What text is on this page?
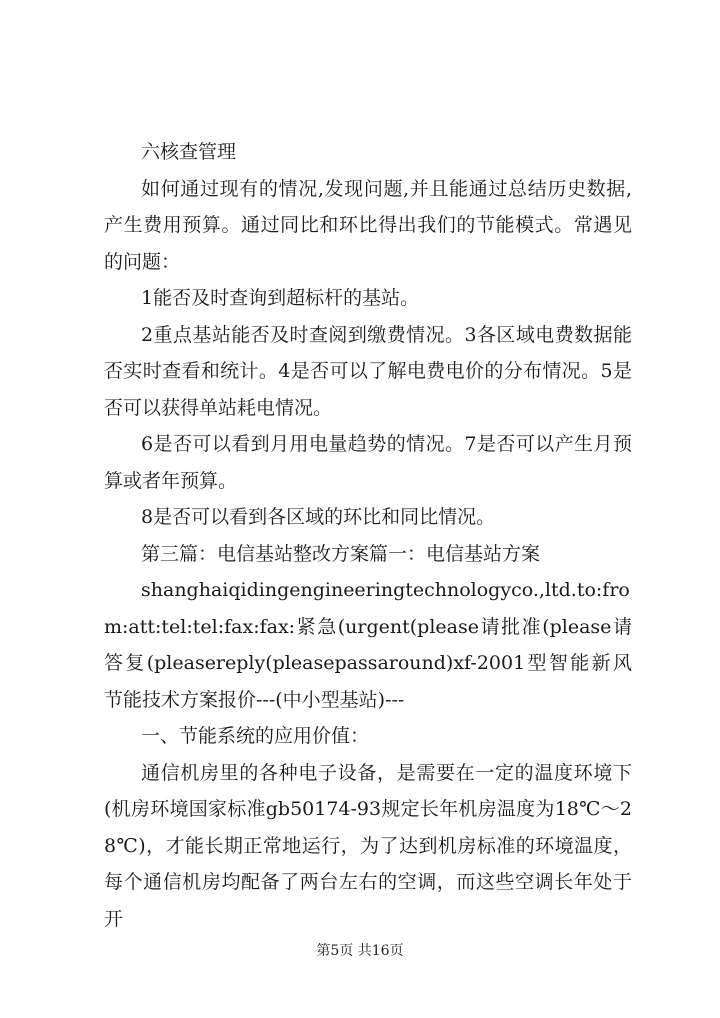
六核查管理

如何通过现有的情况,发现问题,并且能通过总结历史数据,产生费用预算。通过同比和环比得出我们的节能模式。常遇见的问题：

1能否及时查询到超标杆的基站。

2重点基站能否及时查阅到缴费情况。3各区域电费数据能否实时查看和统计。4是否可以了解电费电价的分布情况。5是否可以获得单站耗电情况。

6是否可以看到月用电量趋势的情况。7是否可以产生月预算或者年预算。

8是否可以看到各区域的环比和同比情况。

第三篇：电信基站整改方案篇一：电信基站方案

shanghaiqidingengineeringtechnologyco.,ltd.to:from:att:tel:tel:fax:fax:紧急(urgent(please请批准(please请答复(pleasereply(pleasepassaround)xf-2001型智能新风节能技术方案报价---(中小型基站)---

一、节能系统的应用价值：

通信机房里的各种电子设备，是需要在一定的温度环境下(机房环境国家标准gb50174-93规定长年机房温度为18℃～28℃)，才能长期正常地运行，为了达到机房标准的环境温度，每个通信机房均配备了两台左右的空调，而这些空调长年处于开

第5页 共16页
